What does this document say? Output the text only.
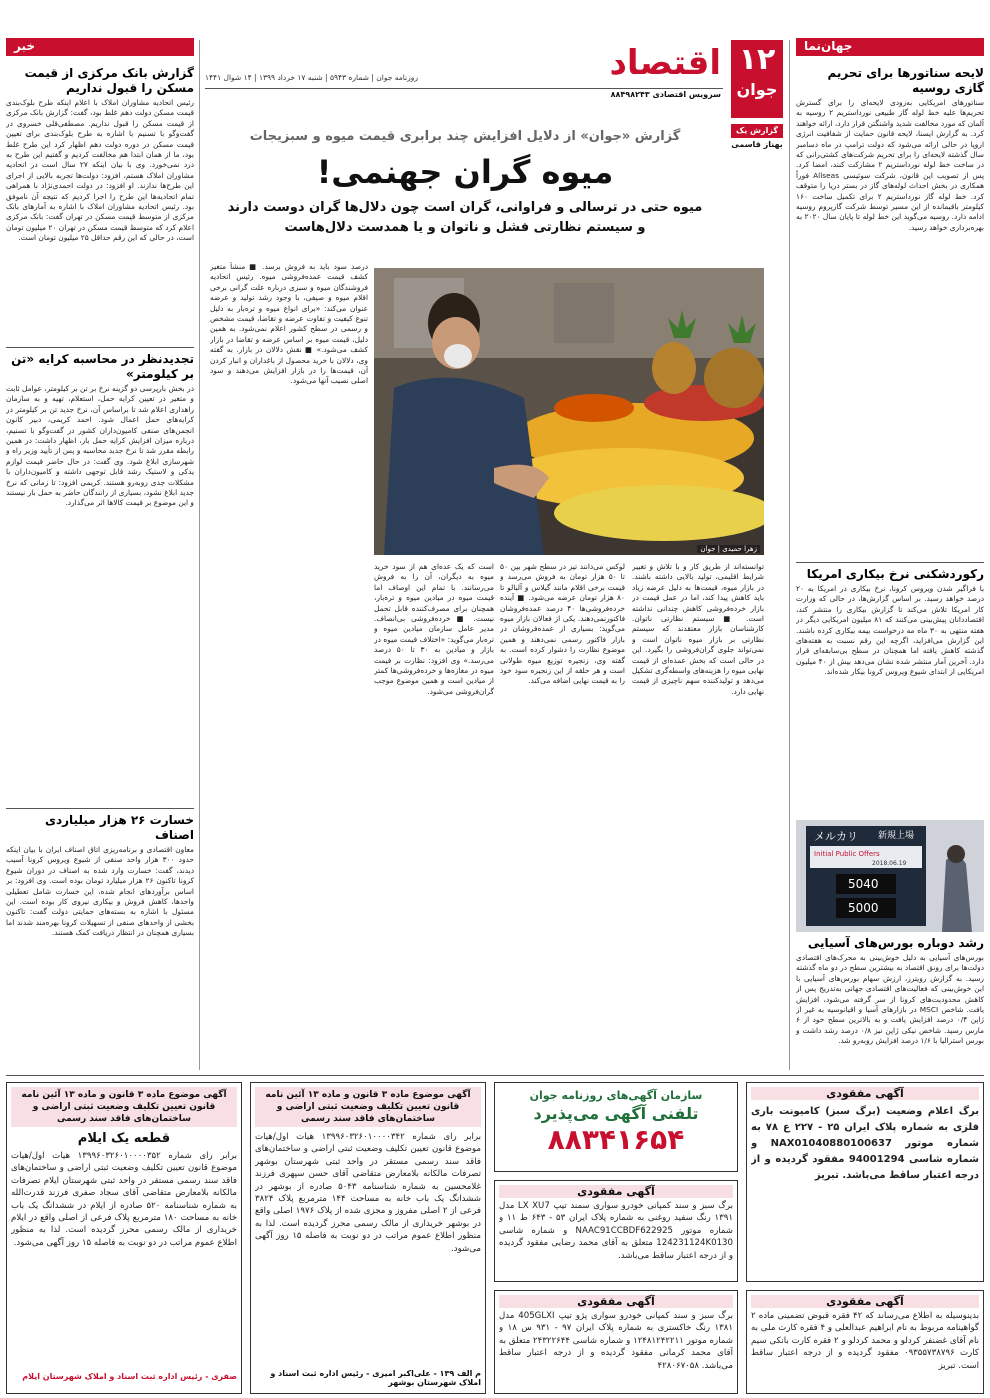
خبر
گزارش بانک مرکزی از قیمت مسکن را قبول نداریم
رئیس اتحادیه مشاوران املاک با اعلام اینکه طرح بلوک‌بندی قیمت مسکن دولت دهم غلط بود، گفت: گزارش بانک مرکزی از قیمت مسکن را قبول نداریم. مصطفی‌قلی خسروی در گفت‌وگو با تسنیم با اشاره به طرح بلوک‌بندی برای تعیین قیمت مسکن در دوره دولت دهم اظهار کرد این طرح غلط بود، ما از همان ابتدا هم مخالفت کردیم و گفتیم این طرح به درد نمی‌خورد. وی با بیان اینکه ۲۷ سال است در اتحادیه مشاوران املاک هستم، افزود: دولت‌ها تجربه بالایی از اجرای این طرح‌ها ندارند. او افزود: در دولت احمدی‌نژاد با همراهی تمام اتحادیه‌ها این طرح را اجرا کردیم که نتیجه آن ناموفق بود. رئیس اتحادیه مشاوران املاک با اشاره به آمارهای بانک مرکزی از متوسط قیمت مسکن در تهران گفت: بانک مرکزی اعلام کرد که متوسط قیمت مسکن در تهران ۲۰ میلیون تومان است، در حالی که این رقم حداقل ۲۵ میلیون تومان است.
تجدیدنظر در محاسبه کرایه «تن بر کیلومتر»
در بخش بارپرسی دو گزینه نرخ بر تن بر کیلومتر، عوامل ثابت و متغیر در تعیین کرایه حمل، استعلام، تهیه و به سازمان راهداری اعلام شد تا براساس آن، نرخ جدید تن بر کیلومتر در کرایه‌های حمل اعمال شود. احمد کریمی، دبیر کانون انجمن‌های صنفی کامیون‌داران کشور در گفت‌وگو با تسنیم، درباره میزان افزایش کرایه حمل بار، اظهار داشت: در همین رابطه مقرر شد تا نرخ جدید محاسبه و پس از تأیید وزیر راه و شهرسازی ابلاغ شود. وی گفت: در حال حاضر قیمت لوازم یدکی و لاستیک رشد قابل توجهی داشته و کامیون‌داران با مشکلات جدی روبه‌رو هستند. کریمی افزود: تا زمانی که نرخ جدید ابلاغ نشود، بسیاری از رانندگان حاضر به حمل بار نیستند و این موضوع بر قیمت کالاها اثر می‌گذارد.
خسارت ۲۶ هزار میلیاردی اصناف
معاون اقتصادی و برنامه‌ریزی اتاق اصناف ایران با بیان اینکه حدود ۳۰۰ هزار واحد صنفی از شیوع ویروس کرونا آسیب دیدند، گفت: خسارت وارد شده به اصناف در دوران شیوع کرونا تاکنون ۲۶ هزار میلیارد تومان بوده است. وی افزود: بر اساس برآوردهای انجام شده، این خسارت شامل تعطیلی واحدها، کاهش فروش و بیکاری نیروی کار بوده است. این مسئول با اشاره به بسته‌های حمایتی دولت گفت: تاکنون بخشی از واحدهای صنفی از تسهیلات کرونا بهره‌مند شدند اما بسیاری همچنان در انتظار دریافت کمک هستند.
۱۲
جوان
اقتصاد
سرویس اقتصادی ۸۸۴۹۸۲۴۳
روزنامه جوان | شماره ۵۹۴۳ | شنبه ۱۷ خرداد ۱۳۹۹ | ۱۴ شوال ۱۴۴۱
گزارش یک
بهناز قاسمی
گزارش «جوان» از دلایل افزایش چند برابری قیمت میوه و سبزیجات
میوه گران جهنمی!
میوه حتی در ترسالی و فراوانی، گران است چون دلال‌ها گران دوست دارند
و سیستم نظارتی فشل و ناتوان و یا همدست دلال‌هاست
زهرا حمیدی | جوان
درصد سود باید به فروش برسد. ■ منشأ متغیر کشف قیمت عمده‌فروشی میوه. رئیس اتحادیه فروشندگان میوه و سبزی درباره علت گرانی برخی اقلام میوه و صیفی، با وجود رشد تولید و عرضه عنوان می‌کند: «برای انواع میوه و تره‌بار به دلیل تنوع کیفیت و تفاوت عرضه و تقاضا، قیمت مشخص و رسمی در سطح کشور اعلام نمی‌شود. به همین دلیل، قیمت میوه بر اساس عرضه و تقاضا در بازار کشف می‌شود.» ■ نقش دلالان در بازار. به گفته وی، دلالان با خرید محصول از باغداران و انبار کردن آن، قیمت‌ها را در بازار افزایش می‌دهند و سود اصلی نصیب آنها می‌شود.
است که یک عده‌ای هم از سود خرید میوه به دیگران، آن را به فروش می‌رسانند. با تمام این اوصاف اما قیمت میوه در میادین میوه و تره‌بار، همچنان برای مصرف‌کننده قابل تحمل نیست. ■ خرده‌فروشی بی‌انصاف. مدیر عامل سازمان میادین میوه و تره‌بار می‌گوید: «اختلاف قیمت میوه در بازار و میادین به ۳۰ تا ۵۰ درصد می‌رسد.» وی افزود: نظارت بر قیمت میوه در مغازه‌ها و خرده‌فروشی‌ها کمتر از میادین است و همین موضوع موجب گران‌فروشی می‌شود.
لوکس می‌دانند تیز در سطح شهر بین ۵۰ تا ۵۰ هزار تومان به فروش می‌رسد و قیمت برخی اقلام مانند گیلاس و آلبالو تا ۸۰ هزار تومان عرضه می‌شود. ■ آینده خرده‌فروشی‌ها ۴۰ درصد عمده‌فروشان فاکتورنمی‌دهند. یکی از فعالان بازار میوه می‌گوید: بسیاری از عمده‌فروشان در بازار فاکتور رسمی نمی‌دهند و همین موضوع نظارت را دشوار کرده است. به گفته وی، زنجیره توزیع میوه طولانی است و هر حلقه از این زنجیره سود خود را به قیمت نهایی اضافه می‌کند.
توانسته‌اند از طریق کار و با تلاش و تغییر شرایط اقلیمی، تولید بالایی داشته باشند. در بازار میوه، قیمت‌ها به دلیل عرضه زیاد باید کاهش پیدا کند، اما در عمل قیمت در بازار خرده‌فروشی کاهش چندانی نداشته است. ■ سیستم نظارتی ناتوان. کارشناسان بازار معتقدند که سیستم نظارتی بر بازار میوه ناتوان است و نمی‌تواند جلوی گران‌فروشی را بگیرد. این در حالی است که بخش عمده‌ای از قیمت نهایی میوه را هزینه‌های واسطه‌گری تشکیل می‌دهد و تولیدکننده سهم ناچیزی از قیمت نهایی دارد.
جهان‌نما
لایحه سناتورها برای تحریم گازی روسیه
سناتورهای امریکایی به‌زودی لایحه‌ای را برای گسترش تحریم‌ها علیه خط لوله گاز طبیعی نورداستریم ۲ روسیه به آلمان که مورد مخالفت شدید واشنگتن قرار دارد، ارائه خواهند کرد. به گزارش ایسنا، لایحه قانون حمایت از شفافیت انرژی اروپا در حالی ارائه می‌شود که دولت ترامپ در ماه دسامبر سال گذشته لایحه‌ای را برای تحریم شرکت‌های کشتی‌رانی که در ساخت خط لوله نورداستریم ۲ مشارکت کنند، امضا کرد. پس از تصویب این قانون، شرکت سوئیسی Allseas فوراً همکاری در بخش احداث لوله‌های گاز در بستر دریا را متوقف کرد. خط لوله گاز نورداستریم ۲ برای تکمیل ساخت ۱۶۰ کیلومتر باقیمانده از این مسیر توسط شرکت گازپروم روسیه ادامه دارد. روسیه می‌گوید این خط لوله تا پایان سال ۲۰۲۰ به بهره‌برداری خواهد رسید.
رکوردشکنی نرخ بیکاری امریکا
با فراگیر شدن ویروس کرونا، نرخ بیکاری در امریکا به ۲۰ درصد خواهد رسید. بر اساس گزارش‌ها، در حالی که وزارت کار امریکا تلاش می‌کند تا گزارش بیکاری را منتشر کند، اقتصاددانان پیش‌بینی می‌کنند که ۸۱ میلیون امریکایی دیگر در هفته منتهی به ۳۰ ماه مه درخواست بیمه بیکاری کرده باشند. این گزارش می‌افزاید، اگرچه این رقم نسبت به هفته‌های گذشته کاهش یافته اما همچنان در سطح بی‌سابقه‌ای قرار دارد. آخرین آمار منتشر شده نشان می‌دهد بیش از ۴۰ میلیون امریکایی از ابتدای شیوع ویروس کرونا بیکار شده‌اند.
メルカリ 新規上場
Initial Public Offers
2018.06.19
5040
5000
رشد دوباره بورس‌های آسیایی
بورس‌های آسیایی به دلیل خوش‌بینی به محرک‌های اقتصادی دولت‌ها برای رونق اقتصاد به بیشترین سطح در دو ماه گذشته رسید. به گزارش رویترز، ارزش سهام بورس‌های آسیایی با این خوش‌بینی که فعالیت‌های اقتصادی جهانی به‌تدریج پس از کاهش محدودیت‌های کرونا از سر گرفته می‌شود، افزایش یافت. شاخص MSCI در بازارهای آسیا و اقیانوسیه به غیر از ژاپن ۰/۴ درصد افزایش یافت و به بالاترین سطح خود از ۶ مارس رسید. شاخص نیکی ژاپن نیز ۰/۸ درصد رشد داشت و بورس استرالیا با ۱/۶ درصد افزایش روبه‌رو شد.
آگهی موضوع ماده ۳ قانون و ماده ۱۳ آئین نامه قانون تعیین تکلیف وضعیت ثبتی اراضی و ساختمان‌های فاقد سند رسمی
قطعه یک ایلام
برابر رای شماره ۱۳۹۹۶۰۳۲۶۰۱۰۰۰۰۳۵۲ هیات اول/هیات موضوع قانون تعیین تکلیف وضعیت ثبتی اراضی و ساختمان‌های فاقد سند رسمی مستقر در واحد ثبتی شهرستان ایلام تصرفات مالکانه بلامعارض متقاضی آقای سجاد صفری فرزند قدرت‌الله به شماره شناسنامه ۵۲۰ صادره از ایلام در ششدانگ یک باب خانه به مساحت ۱۸۰ مترمربع پلاک فرعی از اصلی واقع در ایلام خریداری از مالک رسمی محرز گردیده است. لذا به منظور اطلاع عموم مراتب در دو نوبت به فاصله ۱۵ روز آگهی می‌شود.
صفری - رئیس اداره ثبت اسناد و املاک شهرستان ایلام
آگهی موضوع ماده ۳ قانون و ماده ۱۳ آئین نامه قانون تعیین تکلیف وضعیت ثبتی اراضی و ساختمان‌های فاقد سند رسمی
برابر رای شماره ۱۳۹۹۶۰۳۲۶۰۱۰۰۰۰۳۴۲ هیات اول/هیات موضوع قانون تعیین تکلیف وضعیت ثبتی اراضی و ساختمان‌های فاقد سند رسمی مستقر در واحد ثبتی شهرستان بوشهر تصرفات مالکانه بلامعارض متقاضی آقای حسن سپهری فرزند غلامحسین به شماره شناسنامه ۵۰۴۳ صادره از بوشهر در ششدانگ یک باب خانه به مساحت ۱۴۴ مترمربع پلاک ۳۸۲۴ فرعی از ۲ اصلی مفروز و مجزی شده از پلاک ۱۹۷۶ اصلی واقع در بوشهر خریداری از مالک رسمی محرز گردیده است. لذا به منظور اطلاع عموم مراتب در دو نوبت به فاصله ۱۵ روز آگهی می‌شود.
م الف ۱۳۹ - علی‌اکبر امیری - رئیس اداره ثبت اسناد و املاک شهرستان بوشهر
سازمان آگهی‌های روزنامه جوان
تلفنی آگهی می‌پذیرد
۸۸۳۴۱۶۵۴
آگهی مفقودی
برگ سبز و سند کمپانی خودرو سواری سمند تیپ LX XU7 مدل ۱۳۹۱ رنگ سفید روغنی به شماره پلاک ایران ۵۳ - ۶۴۳ ط ۱۱ و شماره موتور NAAC91CCBDF622925 و شماره شاسی 124231124K0130 متعلق به آقای محمد رضایی مفقود گردیده و از درجه اعتبار ساقط می‌باشد.
آگهی مفقودی
برگ سبز و سند کمپانی خودرو سواری پژو تیپ 405GLXI مدل ۱۳۸۱ رنگ خاکستری به شماره پلاک ایران ۹۷ - ۹۳۱ س ۱۸ و شماره موتور ۱۲۴۸۱۲۴۲۲۱۱ و شماره شاسی ۲۴۳۲۲۶۴۴ متعلق به آقای محمد کرمانی مفقود گردیده و از درجه اعتبار ساقط می‌باشد. ۴۲۸۰۶۷۰۵۸
آگهی مفقودی
برگ اعلام وضعیت (برگ سبز) کامیونت باری فلزی به شماره پلاک ایران ۲۵ - ۲۲۷ ع ۷۸ به شماره موتور NAX01040880100637 و شماره شاسی 94001294 مفقود گردیده و از درجه اعتبار ساقط می‌باشد. تبریز
آگهی مفقودی
بدینوسیله به اطلاع می‌رساند که ۴۲ فقره قبوض تضمینی ماده ۲ گواهینامه مربوط به نام ابراهیم عبدالعلی و ۴ فقره کارت ملی به نام آقای غضنفر کردلو و محمد کردلو و ۲ فقره کارت بانکی سیم کارت ۰۹۳۵۵۷۳۸۷۹۶ مفقود گردیده و از درجه اعتبار ساقط است. تبریز
